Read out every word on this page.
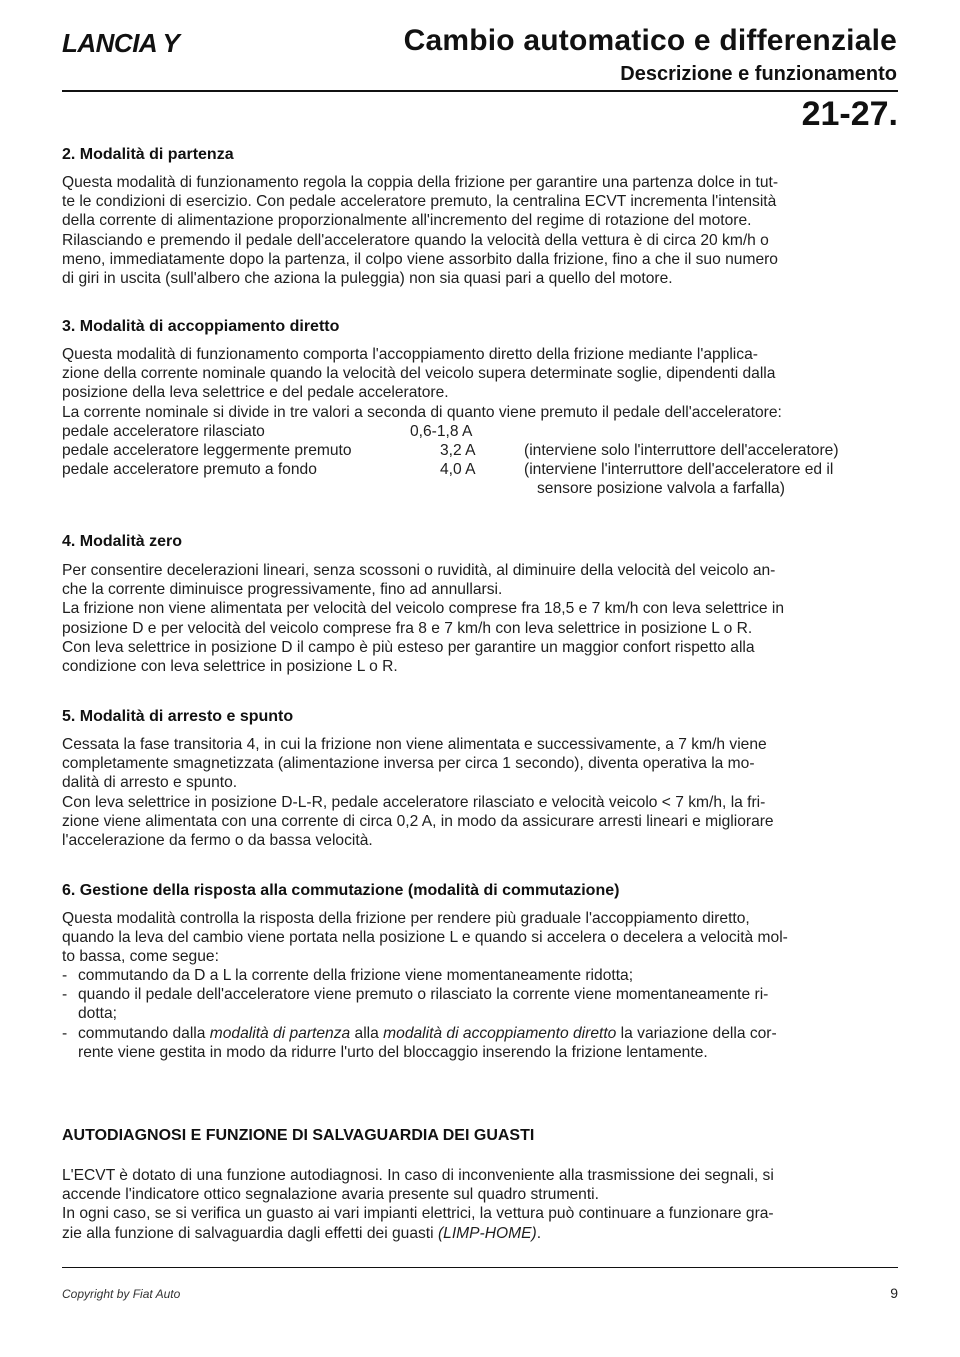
LANCIA Y	Cambio automatico e differenziale
Descrizione e funzionamento
21-27.
2. Modalità di partenza
Questa modalità di funzionamento regola la coppia della frizione per garantire una partenza dolce in tut-
te le condizioni di esercizio. Con pedale acceleratore premuto, la centralina ECVT incrementa l'intensità
della corrente di alimentazione proporzionalmente all'incremento del regime di rotazione del motore.
Rilasciando e premendo il pedale dell'acceleratore quando la velocità della vettura è di circa 20 km/h o
meno, immediatamente dopo la partenza, il colpo viene assorbito dalla frizione, fino a che il suo numero
di giri in uscita (sull'albero che aziona la puleggia) non sia quasi pari a quello del motore.
3. Modalità di accoppiamento diretto
Questa modalità di funzionamento comporta l'accoppiamento diretto della frizione mediante l'applica-
zione della corrente nominale quando la velocità del veicolo supera determinate soglie, dipendenti dalla
posizione della leva selettrice e del pedale acceleratore.
La corrente nominale si divide in tre valori a seconda di quanto viene premuto il pedale dell'acceleratore:
pedale acceleratore rilasciato	0,6-1,8 A
pedale acceleratore leggermente premuto	3,2 A	(interviene solo l'interruttore dell'acceleratore)
pedale acceleratore premuto a fondo	4,0 A	(interviene l'interruttore dell'acceleratore ed il
sensore posizione valvola a farfalla)
4. Modalità zero
Per consentire decelerazioni lineari, senza scossoni o ruvidità, al diminuire della velocità del veicolo an-
che la corrente diminuisce progressivamente, fino ad annullarsi.
La frizione non viene alimentata per velocità del veicolo comprese fra 18,5 e 7 km/h con leva selettrice in
posizione D e per velocità del veicolo comprese fra 8 e 7 km/h con leva selettrice in posizione L o R.
Con leva selettrice in posizione D il campo è più esteso per garantire un maggior confort rispetto alla
condizione con leva selettrice in posizione L o R.
5. Modalità di arresto e spunto
Cessata la fase transitoria 4, in cui la frizione non viene alimentata e successivamente, a 7 km/h viene
completamente smagnetizzata (alimentazione inversa per circa 1 secondo), diventa operativa la mo-
dalità di arresto e spunto.
Con leva selettrice in posizione D-L-R, pedale acceleratore rilasciato e velocità veicolo < 7 km/h, la fri-
zione viene alimentata con una corrente di circa 0,2 A, in modo da assicurare arresti lineari e migliorare
l'accelerazione da fermo o da bassa velocità.
6. Gestione della risposta alla commutazione (modalità di commutazione)
Questa modalità controlla la risposta della frizione per rendere più graduale l'accoppiamento diretto,
quando la leva del cambio viene portata nella posizione L e quando si accelera o decelera a velocità mol-
to bassa, come segue:
- commutando da D a L la corrente della frizione viene momentaneamente ridotta;
- quando il pedale dell'acceleratore viene premuto o rilasciato la corrente viene momentaneamente ri-
dotta;
- commutando dalla modalità di partenza alla modalità di accoppiamento diretto la variazione della cor-
rente viene gestita in modo da ridurre l'urto del bloccaggio inserendo la frizione lentamente.
AUTODIAGNOSI E FUNZIONE DI SALVAGUARDIA DEI GUASTI
L'ECVT è dotato di una funzione autodiagnosi. In caso di inconveniente alla trasmissione dei segnali, si
accende l'indicatore ottico segnalazione avaria presente sul quadro strumenti.
In ogni caso, se si verifica un guasto ai vari impianti elettrici, la vettura può continuare a funzionare gra-
zie alla funzione di salvaguardia dagli effetti dei guasti (LIMP-HOME).
Copyright by Fiat Auto	9
